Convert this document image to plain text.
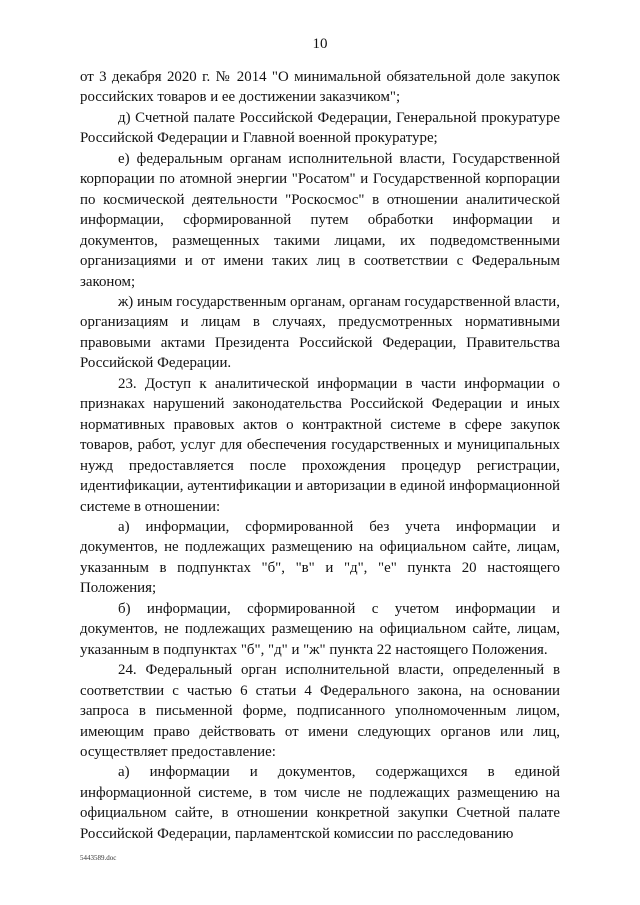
10

от 3 декабря 2020 г. № 2014 "О минимальной обязательной доле закупок российских товаров и ее достижении заказчиком";

д) Счетной палате Российской Федерации, Генеральной прокуратуре Российской Федерации и Главной военной прокуратуре;

е) федеральным органам исполнительной власти, Государственной корпорации по атомной энергии "Росатом" и Государственной корпорации по космической деятельности "Роскосмос" в отношении аналитической информации, сформированной путем обработки информации и документов, размещенных такими лицами, их подведомственными организациями и от имени таких лиц в соответствии с Федеральным законом;

ж) иным государственным органам, органам государственной власти, организациям и лицам в случаях, предусмотренных нормативными правовыми актами Президента Российской Федерации, Правительства Российской Федерации.

23. Доступ к аналитической информации в части информации о признаках нарушений законодательства Российской Федерации и иных нормативных правовых актов о контрактной системе в сфере закупок товаров, работ, услуг для обеспечения государственных и муниципальных нужд предоставляется после прохождения процедур регистрации, идентификации, аутентификации и авторизации в единой информационной системе в отношении:

а) информации, сформированной без учета информации и документов, не подлежащих размещению на официальном сайте, лицам, указанным в подпунктах "б", "в" и "д", "е" пункта 20 настоящего Положения;

б) информации, сформированной с учетом информации и документов, не подлежащих размещению на официальном сайте, лицам, указанным в подпунктах "б", "д" и "ж" пункта 22 настоящего Положения.

24. Федеральный орган исполнительной власти, определенный в соответствии с частью 6 статьи 4 Федерального закона, на основании запроса в письменной форме, подписанного уполномоченным лицом, имеющим право действовать от имени следующих органов или лиц, осуществляет предоставление:

а) информации и документов, содержащихся в единой информационной системе, в том числе не подлежащих размещению на официальном сайте, в отношении конкретной закупки Счетной палате Российской Федерации, парламентской комиссии по расследованию

5443589.doc
